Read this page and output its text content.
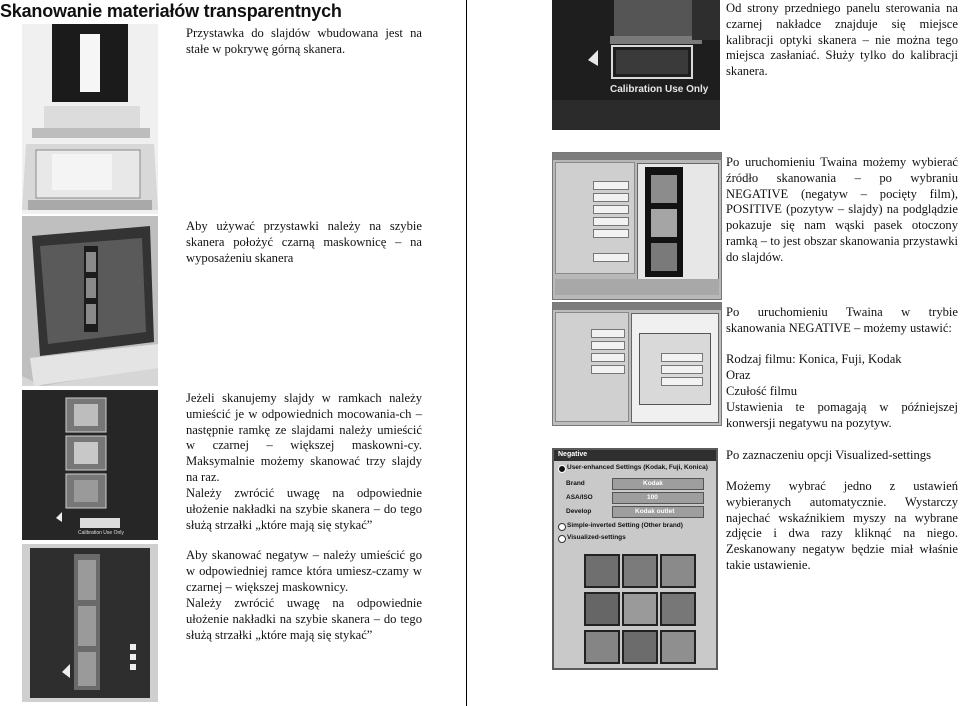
Skanowanie materiałów transparentnych
Calibration Use Only
Przystawka do slajdów wbudowana jest na stałe w pokrywę górną skanera.
Aby używać przystawki należy na szybie skanera położyć czarną maskownicę – na wyposażeniu skanera
Jeżeli skanujemy slajdy w ramkach należy umieścić je w odpowiednich mocowania-ch – następnie ramkę ze slajdami należy umieścić w czarnej – większej maskowni-cy. Maksymalnie możemy skanować trzy slajdy na raz.
Należy zwrócić uwagę na odpowiednie ułożenie nakładki na szybie skanera – do tego służą strzałki „które mają się stykać”
Aby skanować negatyw – należy umieścić go w odpowiedniej ramce która umiesz-czamy w czarnej – większej maskownicy.
Należy zwrócić uwagę na odpowiednie ułożenie nakładki na szybie skanera – do tego służą strzałki „które mają się stykać”
Calibration Use Only
Negative
User-enhanced Settings (Kodak, Fuji, Konica)
Brand	Kodak
ASA/ISO	100
Develop	Kodak outlet
Simple-inverted Setting (Other brand)
Visualized-settings
Od strony przedniego panelu sterowania na czarnej nakładce znajduje się miejsce kalibracji optyki skanera – nie można tego miejsca zasłaniać. Służy tylko do kalibracji skanera.
Po uruchomieniu Twaina możemy wybierać źródło skanowania – po wybraniu NEGATIVE (negatyw – pocięty film), POSITIVE (pozytyw – slajdy) na podglądzie pokazuje się nam wąski pasek otoczony ramką – to jest obszar skanowania przystawki do slajdów.
Po uruchomieniu Twaina w trybie skanowania NEGATIVE – możemy ustawić:
Rodzaj filmu: Konica, Fuji, Kodak
Oraz
Czułość filmu
Ustawienia te pomagają w późniejszej konwersji negatywu na pozytyw.
Po zaznaczeniu opcji Visualized-settings
Możemy wybrać jedno z ustawień wybieranych automatycznie. Wystarczy najechać wskaźnikiem myszy na wybrane zdjęcie i dwa razy kliknąć na niego. Zeskanowany negatyw będzie miał właśnie takie ustawienie.
